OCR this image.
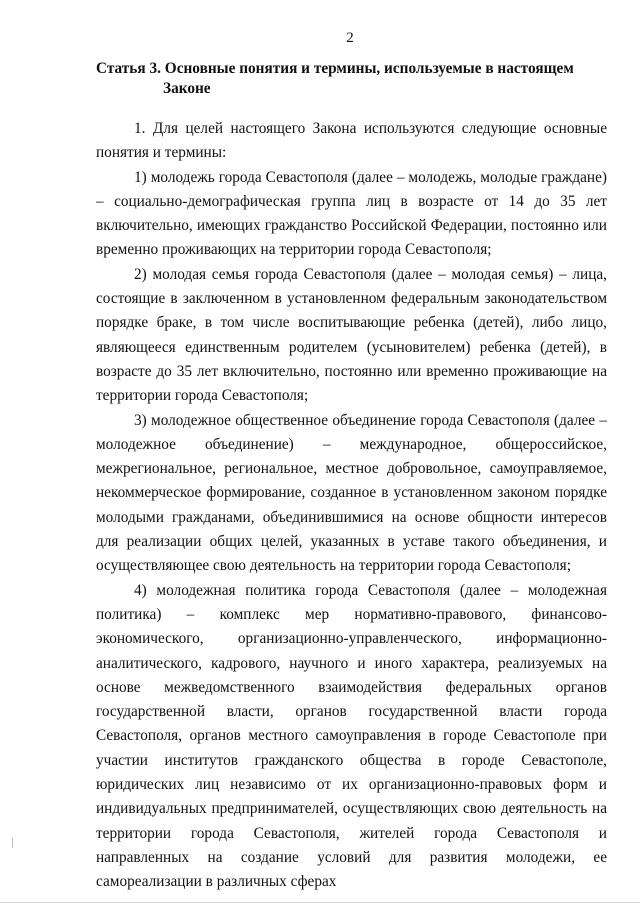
2
Статья 3. Основные понятия и термины, используемые в настоящем Законе

1. Для целей настоящего Закона используются следующие основные понятия и термины:

1) молодежь города Севастополя (далее – молодежь, молодые граждане) – социально-демографическая группа лиц в возрасте от 14 до 35 лет включительно, имеющих гражданство Российской Федерации, постоянно или временно проживающих на территории города Севастополя;

2) молодая семья города Севастополя (далее – молодая семья) – лица, состоящие в заключенном в установленном федеральным законодательством порядке браке, в том числе воспитывающие ребенка (детей), либо лицо, являющееся единственным родителем (усыновителем) ребенка (детей), в возрасте до 35 лет включительно, постоянно или временно проживающие на территории города Севастополя;

3) молодежное общественное объединение города Севастополя (далее – молодежное объединение) – международное, общероссийское, межрегиональное, региональное, местное добровольное, самоуправляемое, некоммерческое формирование, созданное в установленном законом порядке молодыми гражданами, объединившимися на основе общности интересов для реализации общих целей, указанных в уставе такого объединения, и осуществляющее свою деятельность на территории города Севастополя;

4) молодежная политика города Севастополя (далее – молодежная политика) – комплекс мер нормативно-правового, финансово-экономического, организационно-управленческого, информационно-аналитического, кадрового, научного и иного характера, реализуемых на основе межведомственного взаимодействия федеральных органов государственной власти, органов государственной власти города Севастополя, органов местного самоуправления в городе Севастополе при участии институтов гражданского общества в городе Севастополе, юридических лиц независимо от их организационно-правовых форм и индивидуальных предпринимателей, осуществляющих свою деятельность на территории города Севастополя, жителей города Севастополя и направленных на создание условий для развития молодежи, ее самореализации в различных сферах
